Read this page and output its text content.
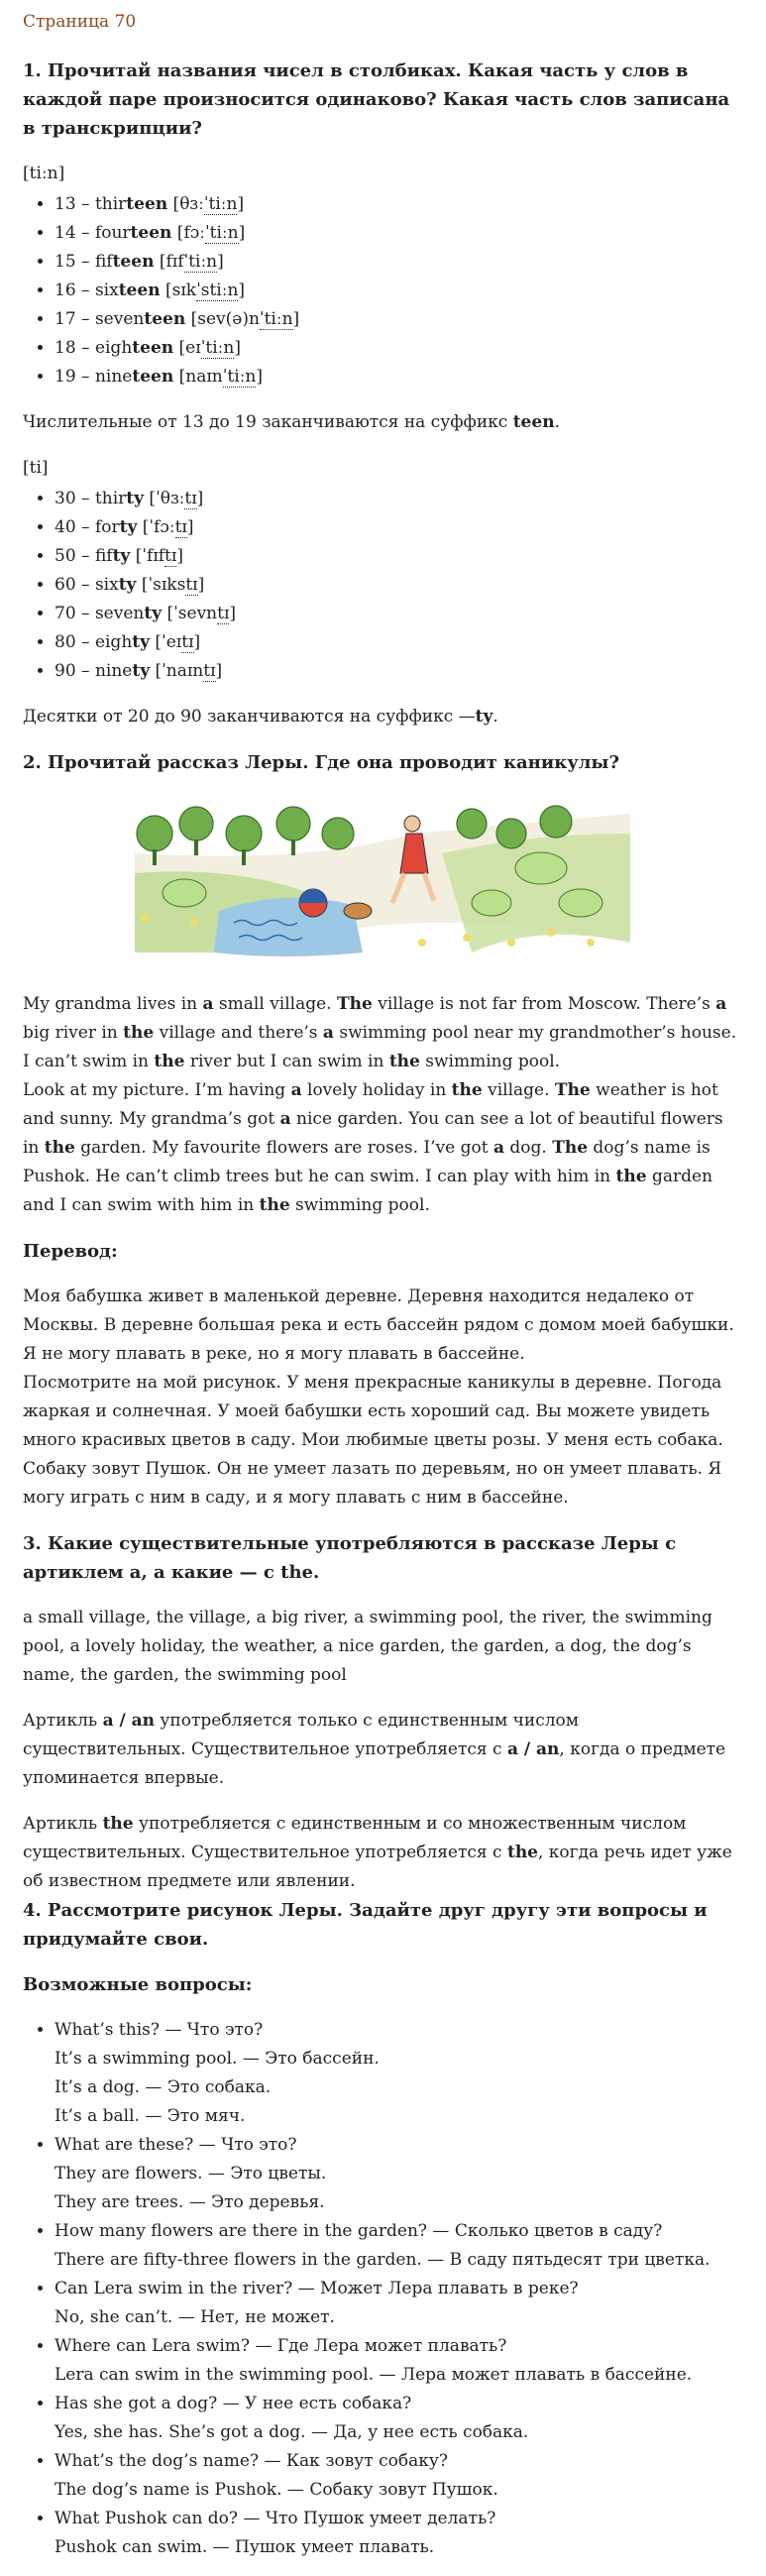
Страница 70
1. Прочитай названия чисел в столбиках. Какая часть у слов в каждой паре произносится одинаково? Какая часть слов записана в транскрипции?
[tiːn]
• 13 – thirteen [θɜːˈtiːn]
• 14 – fourteen [fɔːˈtiːn]
• 15 – fifteen [fɪfˈtiːn]
• 16 – sixteen [sɪkˈstiːn]
• 17 – seventeen [sev(ə)nˈtiːn]
• 18 – eighteen [eɪˈtiːn]
• 19 – nineteen [naɪnˈtiːn]

Числительные от 13 до 19 заканчиваются на суффикс teen.

[ti]
• 30 – thirty [ˈθɜːtɪ]
• 40 – forty [ˈfɔːtɪ]
• 50 – fifty [ˈfɪftɪ]
• 60 – sixty [ˈsɪkstɪ]
• 70 – seventy [ˈsevntɪ]
• 80 – eighty [ˈeɪtɪ]
• 90 – ninety [ˈnaɪntɪ]

Десятки от 20 до 90 заканчиваются на суффикс —ty.

2. Прочитай рассказ Леры. Где она проводит каникулы?

My grandma lives in a small village. The village is not far from Moscow. There’s a big river in the village and there’s a swimming pool near my grandmother’s house. I can’t swim in the river but I can swim in the swimming pool.

Look at my picture. I’m having a lovely holiday in the village. The weather is hot and sunny. My grandma’s got a nice garden. You can see a lot of beautiful flowers in the garden. My favourite flowers are roses. I’ve got a dog. The dog’s name is Pushok. He can’t climb trees but he can swim. I can play with him in the garden and I can swim with him in the swimming pool.

Перевод:

Моя бабушка живет в маленькой деревне. Деревня находится недалеко от Москвы. В деревне большая река и есть бассейн рядом с домом моей бабушки. Я не могу плавать в реке, но я могу плавать в бассейне.

Посмотрите на мой рисунок. У меня прекрасные каникулы в деревне. Погода жаркая и солнечная. У моей бабушки есть хороший сад. Вы можете увидеть много красивых цветов в саду. Мои любимые цветы розы. У меня есть собака. Собаку зовут Пушок. Он не умеет лазать по деревьям, но он умеет плавать. Я могу играть с ним в саду, и я могу плавать с ним в бассейне.

3. Какие существительные употребляются в рассказе Леры с артиклем a, а какие — с the.

a small village, the village, a big river, a swimming pool, the river, the swimming pool, a lovely holiday, the weather, a nice garden, the garden, a dog, the dog’s name, the garden, the swimming pool

Артикль a / an употребляется только с единственным числом существительных. Существительное употребляется с a / an, когда о предмете упоминается впервые.

Артикль the употребляется с единственным и со множественным числом существительных. Существительное употребляется с the, когда речь идет уже об известном предмете или явлении.

4. Рассмотрите рисунок Леры. Задайте друг другу эти вопросы и придумайте свои.
Возможные вопросы:
• What’s this? — Что это?
It’s a swimming pool. — Это бассейн.
It’s a dog. — Это собака.
It’s a ball. — Это мяч.
• What are these? — Что это?
They are flowers. — Это цветы.
They are trees. — Это деревья.
• How many flowers are there in the garden? — Сколько цветов в саду?
There are fifty-three flowers in the garden. — В саду пятьдесят три цветка.
• Can Lera swim in the river? — Может Лера плавать в реке?
No, she can’t. — Нет, не может.
• Where can Lera swim? — Где Лера может плавать?
Lera can swim in the swimming pool. — Лера может плавать в бассейне.
• Has she got a dog? — У нее есть собака?
Yes, she has. She’s got a dog. — Да, у нее есть собака.
• What’s the dog’s name? — Как зовут собаку?
The dog’s name is Pushok. — Собаку зовут Пушок.
• What Pushok can do? — Что Пушок умеет делать?
Pushok can swim. — Пушок умеет плавать.
